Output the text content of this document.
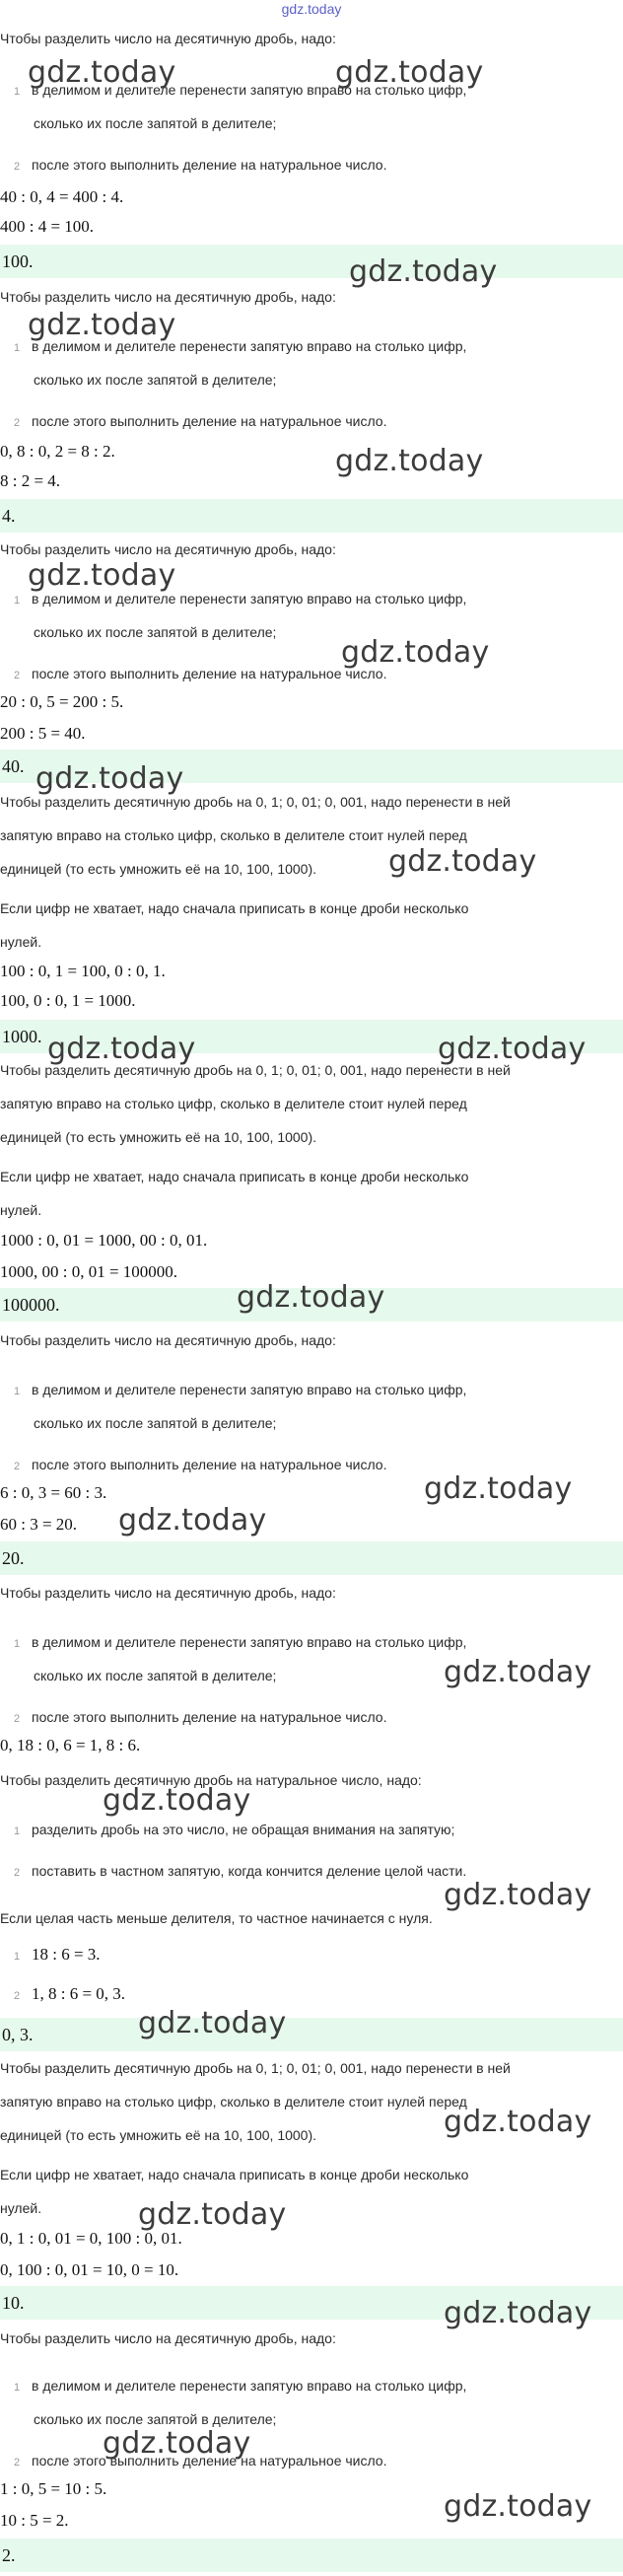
gdz.today
Чтобы разделить число на десятичную дробь, надо:
1 в делимом и делителе перенести запятую вправо на столько цифр,
сколько их после запятой в делителе;
2 после этого выполнить деление на натуральное число.
40 : 0, 4 = 400 : 4.
400 : 4 = 100.
100.
Чтобы разделить число на десятичную дробь, надо:
1 в делимом и делителе перенести запятую вправо на столько цифр,
сколько их после запятой в делителе;
2 после этого выполнить деление на натуральное число.
0, 8 : 0, 2 = 8 : 2.
8 : 2 = 4.
4.
Чтобы разделить число на десятичную дробь, надо:
1 в делимом и делителе перенести запятую вправо на столько цифр,
сколько их после запятой в делителе;
2 после этого выполнить деление на натуральное число.
20 : 0, 5 = 200 : 5.
200 : 5 = 40.
40.
Чтобы разделить десятичную дробь на 0, 1; 0, 01; 0, 001, надо перенести в ней
запятую вправо на столько цифр, сколько в делителе стоит нулей перед
единицей (то есть умножить её на 10, 100, 1000).
Если цифр не хватает, надо сначала приписать в конце дроби несколько
нулей.
100 : 0, 1 = 100, 0 : 0, 1.
100, 0 : 0, 1 = 1000.
1000.
Чтобы разделить десятичную дробь на 0, 1; 0, 01; 0, 001, надо перенести в ней
запятую вправо на столько цифр, сколько в делителе стоит нулей перед
единицей (то есть умножить её на 10, 100, 1000).
Если цифр не хватает, надо сначала приписать в конце дроби несколько
нулей.
1000 : 0, 01 = 1000, 00 : 0, 01.
1000, 00 : 0, 01 = 100000.
100000.
Чтобы разделить число на десятичную дробь, надо:
1 в делимом и делителе перенести запятую вправо на столько цифр,
сколько их после запятой в делителе;
2 после этого выполнить деление на натуральное число.
6 : 0, 3 = 60 : 3.
60 : 3 = 20.
20.
Чтобы разделить число на десятичную дробь, надо:
1 в делимом и делителе перенести запятую вправо на столько цифр,
сколько их после запятой в делителе;
2 после этого выполнить деление на натуральное число.
0, 18 : 0, 6 = 1, 8 : 6.
Чтобы разделить десятичную дробь на натуральное число, надо:
1 разделить дробь на это число, не обращая внимания на запятую;
2 поставить в частном запятую, когда кончится деление целой части.
Если целая часть меньше делителя, то частное начинается с нуля.
1 18 : 6 = 3.
2 1, 8 : 6 = 0, 3.
0, 3.
Чтобы разделить десятичную дробь на 0, 1; 0, 01; 0, 001, надо перенести в ней
запятую вправо на столько цифр, сколько в делителе стоит нулей перед
единицей (то есть умножить её на 10, 100, 1000).
Если цифр не хватает, надо сначала приписать в конце дроби несколько
нулей.
0, 1 : 0, 01 = 0, 100 : 0, 01.
0, 100 : 0, 01 = 10, 0 = 10.
10.
Чтобы разделить число на десятичную дробь, надо:
1 в делимом и делителе перенести запятую вправо на столько цифр,
сколько их после запятой в делителе;
2 после этого выполнить деление на натуральное число.
1 : 0, 5 = 10 : 5.
10 : 5 = 2.
2.
gdz.today	gdz.today
gdz.today
gdz.today
gdz.today
gdz.today
gdz.today
gdz.today
gdz.today
gdz.today	gdz.today
gdz.today
gdz.today
gdz.today
gdz.today
gdz.today
gdz.today
gdz.today
gdz.today
gdz.today
gdz.today
gdz.today
gdz.today
